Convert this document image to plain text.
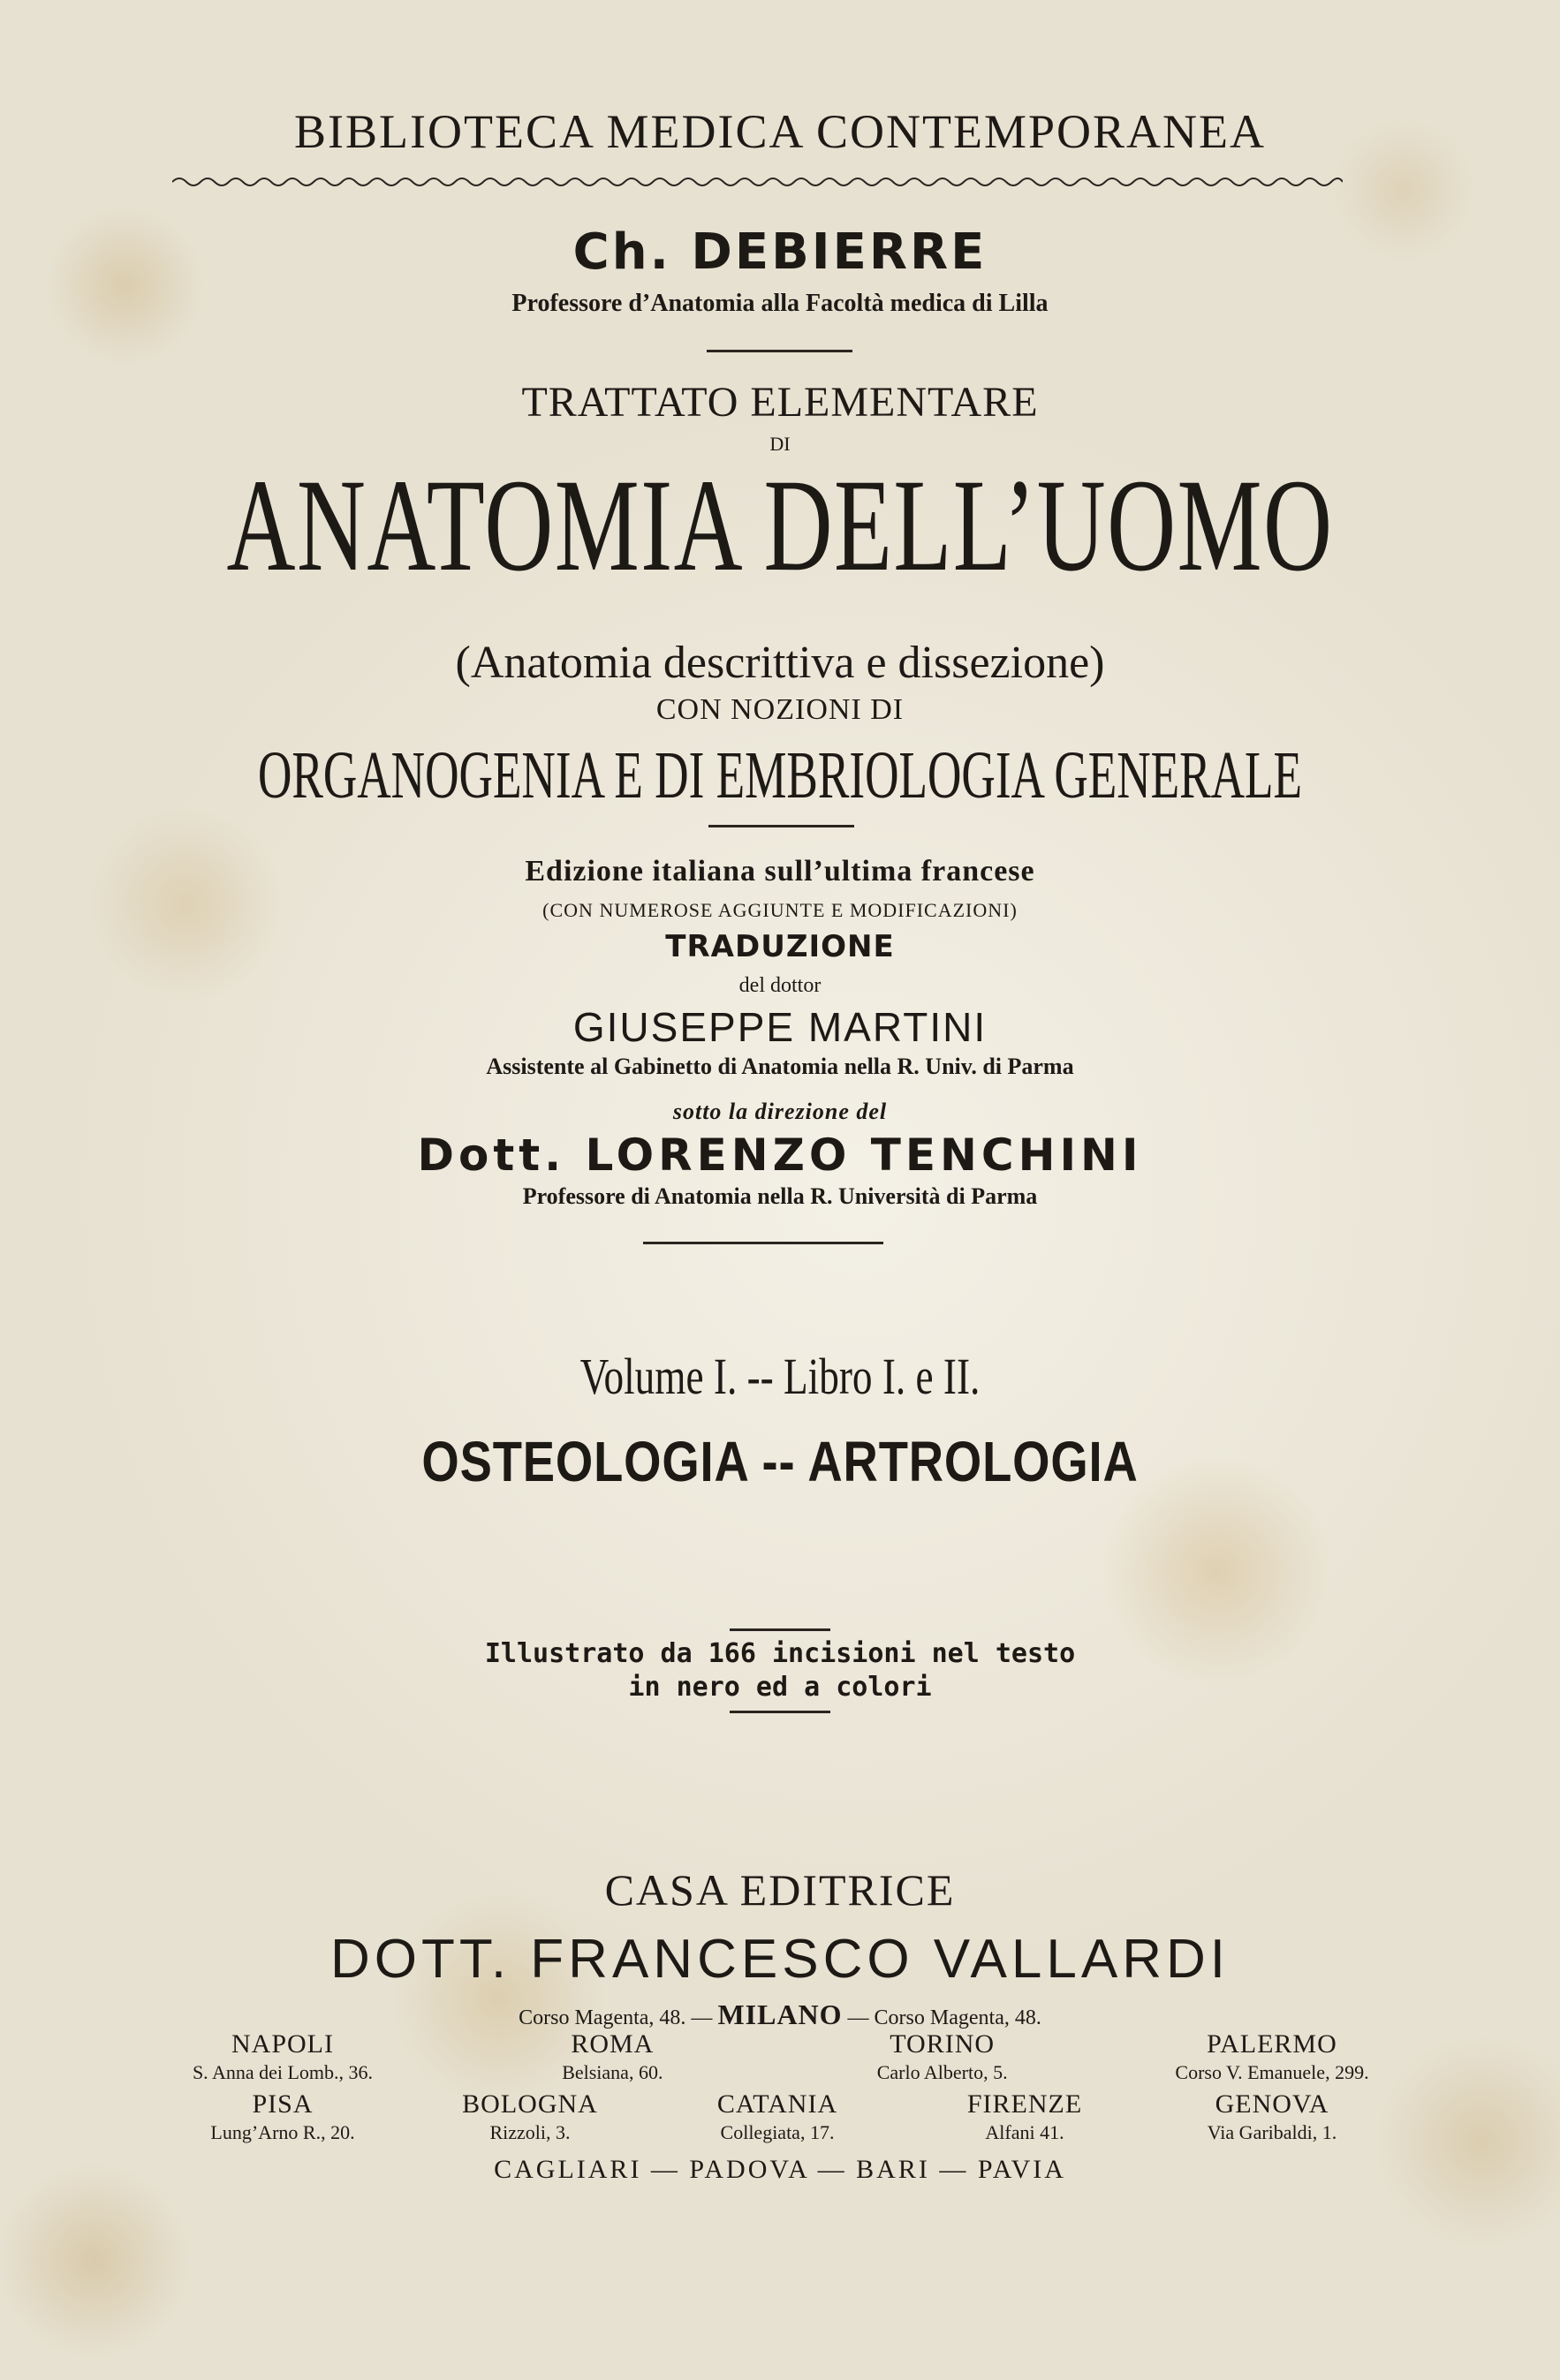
BIBLIOTECA MEDICA CONTEMPORANEA

Ch. DEBIERRE

Professore d’Anatomia alla Facoltà medica di Lilla

TRATTATO ELEMENTARE

DI

ANATOMIA DELL’UOMO

(Anatomia descrittiva e dissezione)

CON NOZIONI DI

ORGANOGENIA E DI EMBRIOLOGIA GENERALE

Edizione italiana sull’ultima francese

(CON NUMEROSE AGGIUNTE E MODIFICAZIONI)

TRADUZIONE

del dottor

GIUSEPPE MARTINI

Assistente al Gabinetto di Anatomia nella R. Univ. di Parma

sotto la direzione del

Dott. LORENZO TENCHINI

Professore di Anatomia nella R. Università di Parma

Volume I. -- Libro I. e II.

OSTEOLOGIA -- ARTROLOGIA

Illustrato da 166 incisioni nel testo

in nero ed a colori

CASA EDITRICE

DOTT. FRANCESCO VALLARDI

Corso Magenta, 48. — MILANO — Corso Magenta, 48.

NAPOLI
S. Anna dei Lomb., 36.
ROMA
Belsiana, 60.
TORINO
Carlo Alberto, 5.
PALERMO
Corso V. Emanuele, 299.
PISA
Lung’Arno R., 20.
BOLOGNA
Rizzoli, 3.
CATANIA
Collegiata, 17.
FIRENZE
Alfani 41.
GENOVA
Via Garibaldi, 1.

CAGLIARI — PADOVA — BARI — PAVIA
